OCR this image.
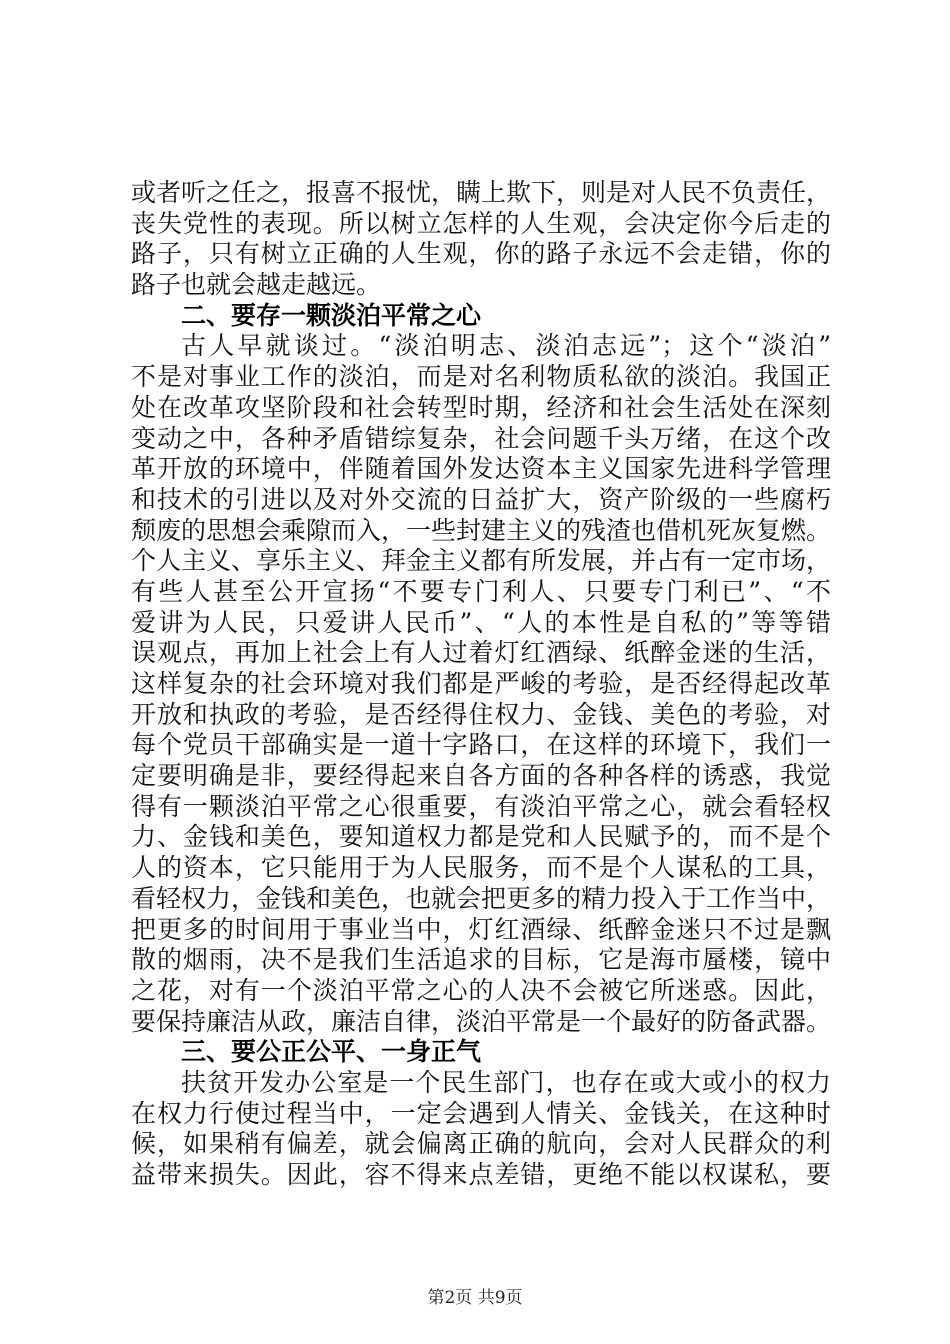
或者听之任之，报喜不报忧，瞒上欺下，则是对人民不负责任，
丧失党性的表现。所以树立怎样的人生观，会决定你今后走的
路子，只有树立正确的人生观，你的路子永远不会走错，你的
路子也就会越走越远。
二、要存一颗淡泊平常之心
古人早就谈过。“淡泊明志、淡泊志远”；这个“淡泊”
不是对事业工作的淡泊，而是对名利物质私欲的淡泊。我国正
处在改革攻坚阶段和社会转型时期，经济和社会生活处在深刻
变动之中，各种矛盾错综复杂，社会问题千头万绪，在这个改
革开放的环境中，伴随着国外发达资本主义国家先进科学管理
和技术的引进以及对外交流的日益扩大，资产阶级的一些腐朽
颓废的思想会乘隙而入，一些封建主义的残渣也借机死灰复燃。
个人主义、享乐主义、拜金主义都有所发展，并占有一定市场，
有些人甚至公开宣扬“不要专门利人、只要专门利已”、“不
爱讲为人民，只爱讲人民币”、“人的本性是自私的”等等错
误观点，再加上社会上有人过着灯红酒绿、纸醉金迷的生活，
这样复杂的社会环境对我们都是严峻的考验，是否经得起改革
开放和执政的考验，是否经得住权力、金钱、美色的考验，对
每个党员干部确实是一道十字路口，在这样的环境下，我们一
定要明确是非，要经得起来自各方面的各种各样的诱惑，我觉
得有一颗淡泊平常之心很重要，有淡泊平常之心，就会看轻权
力、金钱和美色，要知道权力都是党和人民赋予的，而不是个
人的资本，它只能用于为人民服务，而不是个人谋私的工具，
看轻权力，金钱和美色，也就会把更多的精力投入于工作当中，
把更多的时间用于事业当中，灯红酒绿、纸醉金迷只不过是飘
散的烟雨，决不是我们生活追求的目标，它是海市蜃楼，镜中
之花，对有一个淡泊平常之心的人决不会被它所迷惑。因此，
要保持廉洁从政，廉洁自律，淡泊平常是一个最好的防备武器。
三、要公正公平、一身正气
扶贫开发办公室是一个民生部门，也存在或大或小的权力
在权力行使过程当中，一定会遇到人情关、金钱关，在这种时
候，如果稍有偏差，就会偏离正确的航向，会对人民群众的利
益带来损失。因此，容不得来点差错，更绝不能以权谋私，要
第2页 共9页
